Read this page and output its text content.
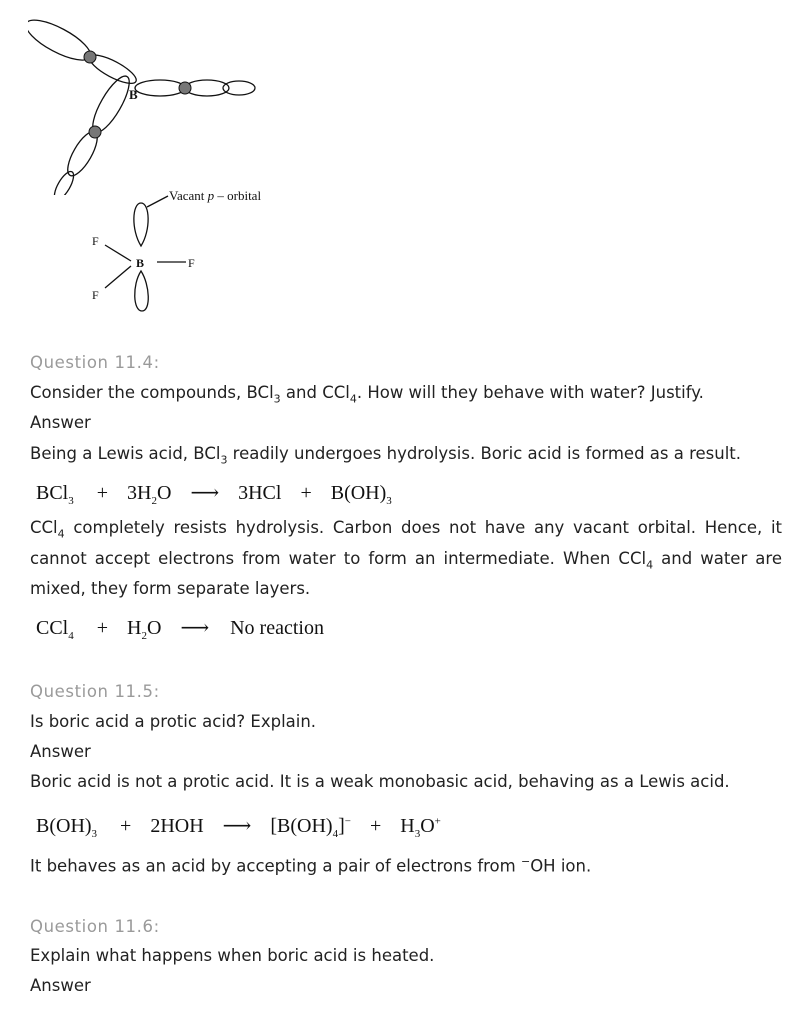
B
Vacant p – orbital
B
F
F
F
Question 11.4:
Consider the compounds, BCl$_3$ and CCl$_4$. How will they behave with water? Justify.
Answer
Being a Lewis acid, BCl$_3$ readily undergoes hydrolysis. Boric acid is formed as a result.
$BCl_3 + 3H_2O$ ⟶ $3HCl + B(OH)_3$
CCl$_4$ completely resists hydrolysis. Carbon does not have any vacant orbital. Hence, it
cannot accept electrons from water to form an intermediate. When CCl$_4$ and water are
mixed, they form separate layers.
$CCl_4 + H_2O$ ⟶ No reaction
Question 11.5:
Is boric acid a protic acid? Explain.
Answer
Boric acid is not a protic acid. It is a weak monobasic acid, behaving as a Lewis acid.
$B(OH)_3 + 2HOH$ ⟶ $[B(OH)_4]^- + H_3O^+$
It behaves as an acid by accepting a pair of electrons from −OH ion.
Question 11.6:
Explain what happens when boric acid is heated.
Answer
